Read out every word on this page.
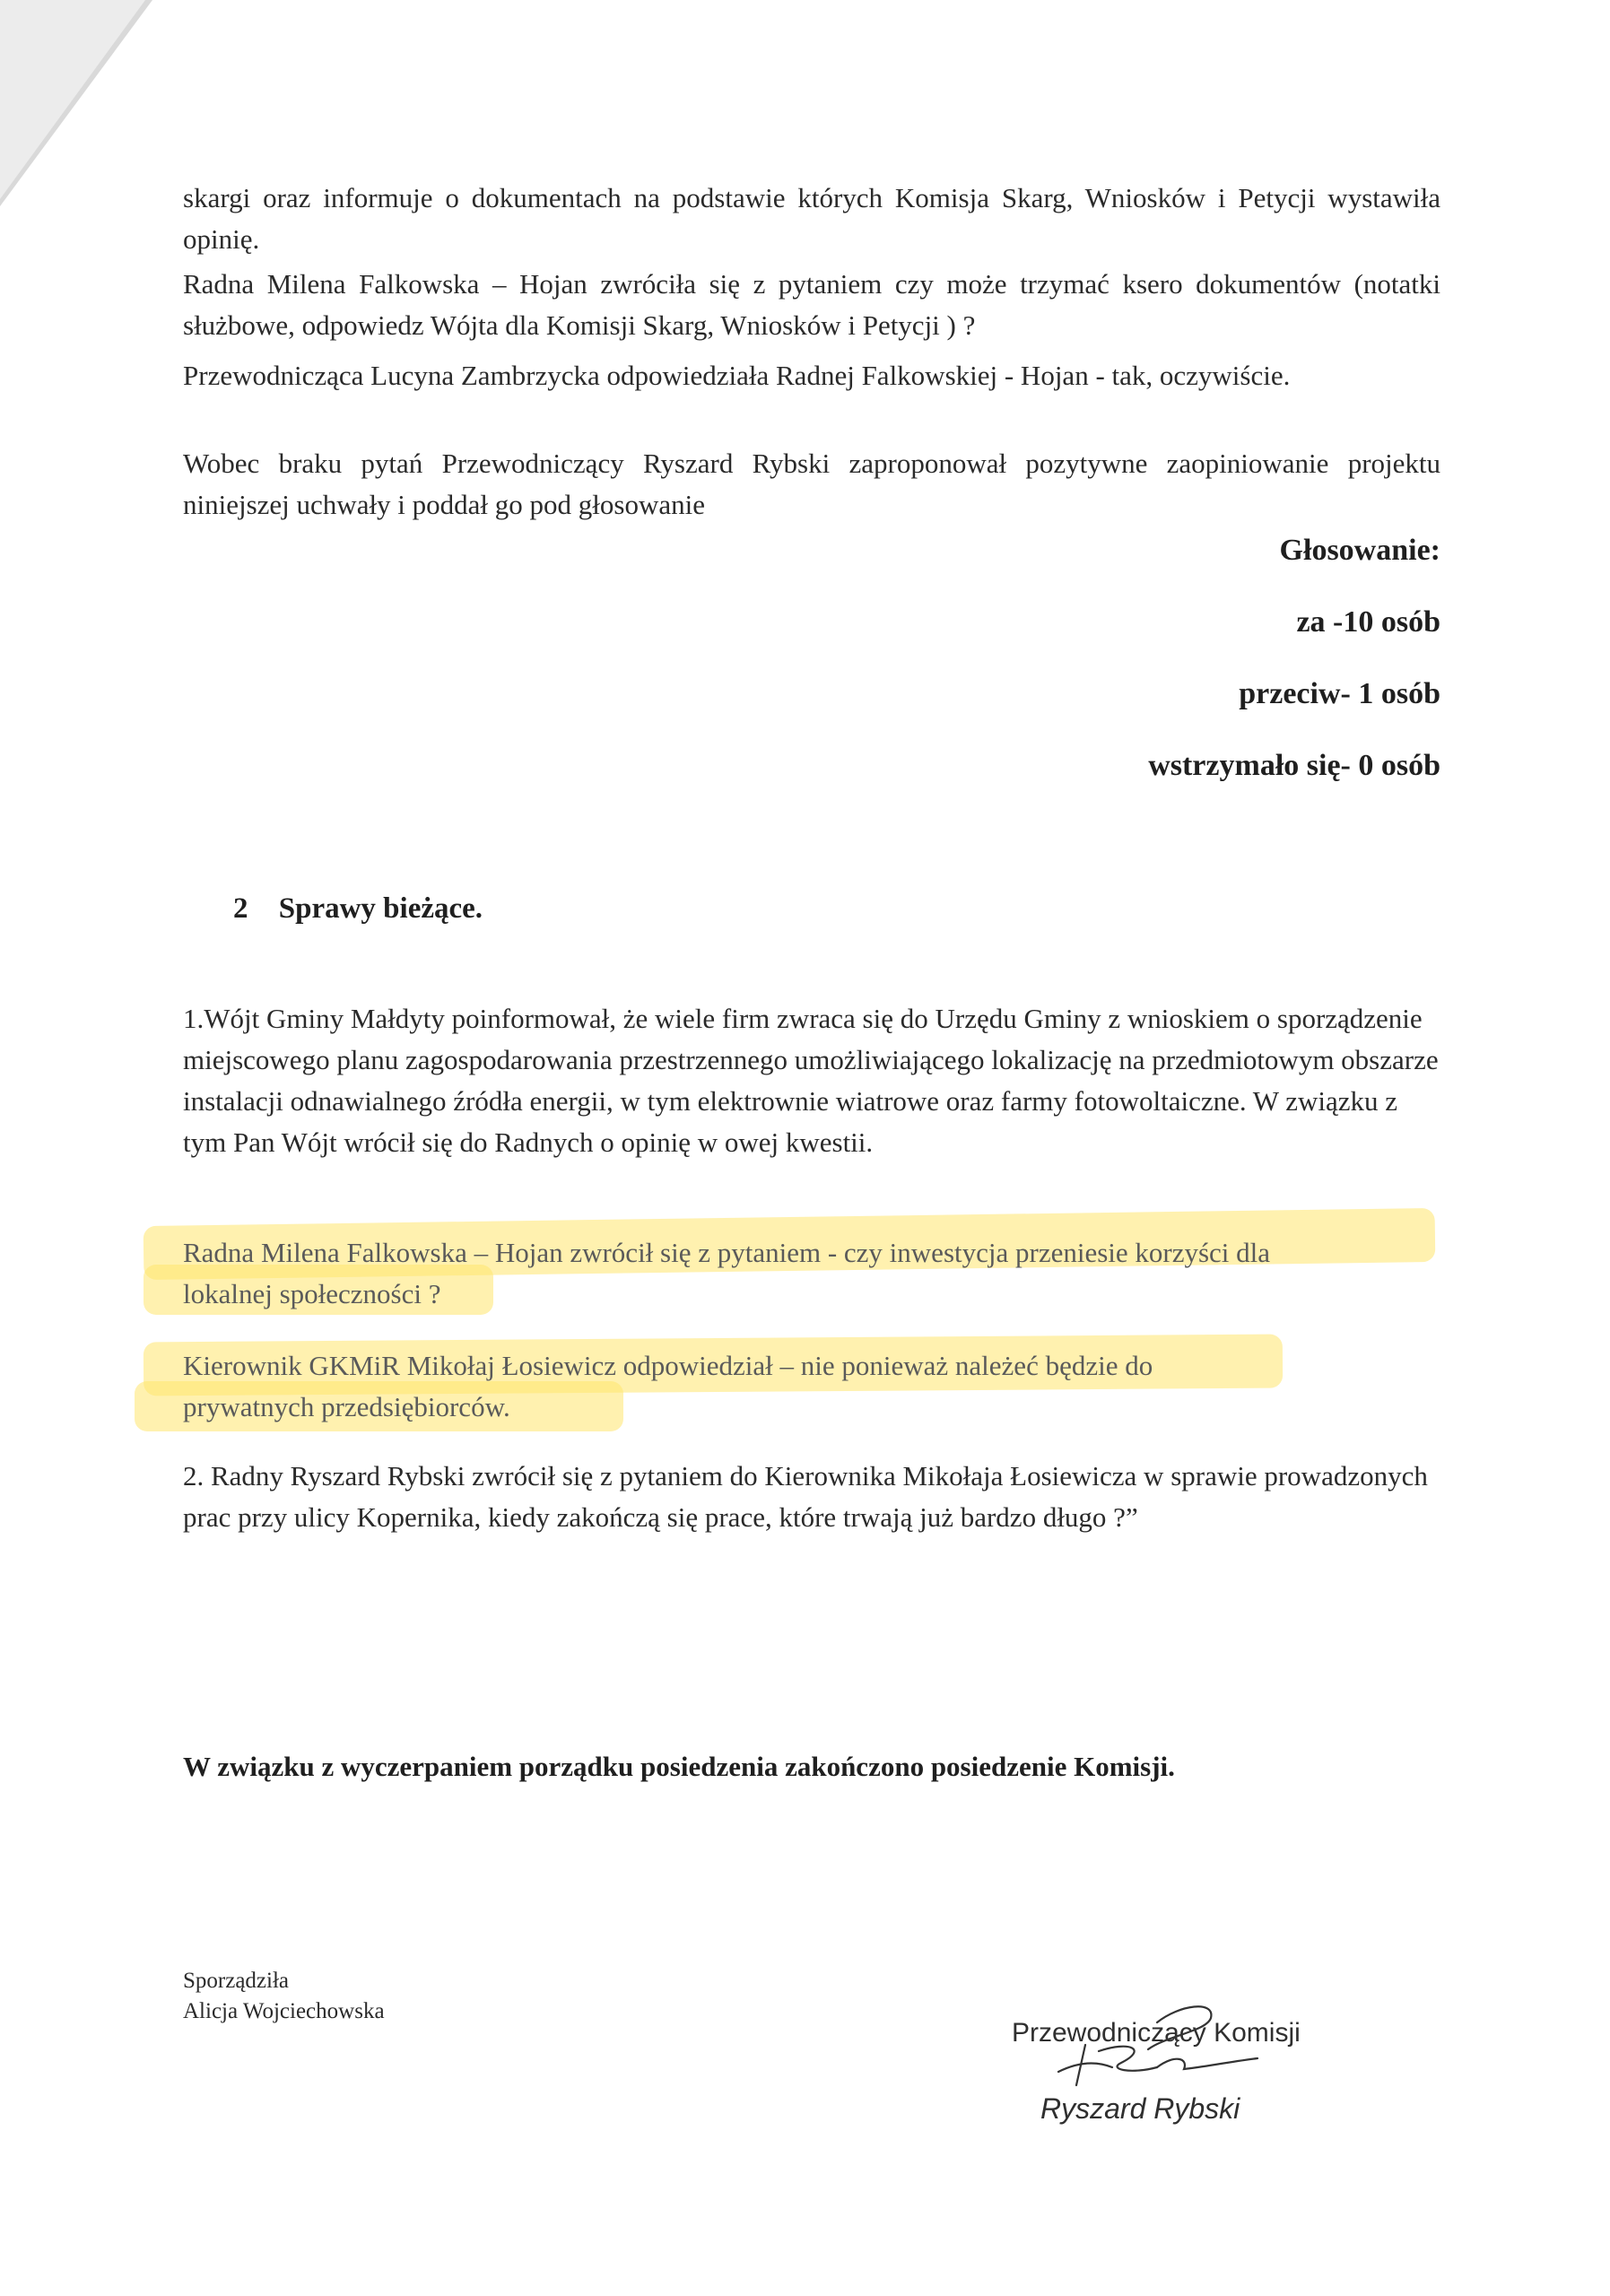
skargi oraz informuje o dokumentach na podstawie których Komisja Skarg, Wniosków i Petycji wystawiła opinię.

Radna Milena Falkowska – Hojan zwróciła się z pytaniem czy może trzymać ksero dokumentów (notatki służbowe, odpowiedz Wójta dla Komisji Skarg, Wniosków i Petycji ) ?

Przewodnicząca Lucyna Zambrzycka odpowiedziała Radnej Falkowskiej - Hojan - tak, oczywiście.

Wobec braku pytań Przewodniczący Ryszard Rybski zaproponował pozytywne zaopiniowanie projektu niniejszej uchwały i poddał go pod głosowanie

Głosowanie:
za -10 osób
przeciw- 1 osób
wstrzymało się- 0 osób
2 Sprawy bieżące.

1.Wójt Gminy Małdyty poinformował, że wiele firm zwraca się do Urzędu Gminy z wnioskiem o sporządzenie miejscowego planu zagospodarowania przestrzennego umożliwiającego lokalizację na przedmiotowym obszarze instalacji odnawialnego źródła energii, w tym elektrownie wiatrowe oraz farmy fotowoltaiczne. W związku z tym Pan Wójt wrócił się do Radnych o opinię w owej kwestii.

Radna Milena Falkowska – Hojan zwrócił się z pytaniem - czy inwestycja przeniesie korzyści dla

lokalnej społeczności ?

Kierownik GKMiR Mikołaj Łosiewicz odpowiedział – nie ponieważ należeć będzie do

prywatnych przedsiębiorców.

2. Radny Ryszard Rybski zwrócił się z pytaniem do Kierownika Mikołaja Łosiewicza w sprawie prowadzonych prac przy ulicy Kopernika, kiedy zakończą się prace, które trwają już bardzo długo ?”

W związku z wyczerpaniem porządku posiedzenia zakończono posiedzenie Komisji.
Sporządziła
Alicja Wojciechowska
Przewodniczący Komisji
Ryszard Rybski
